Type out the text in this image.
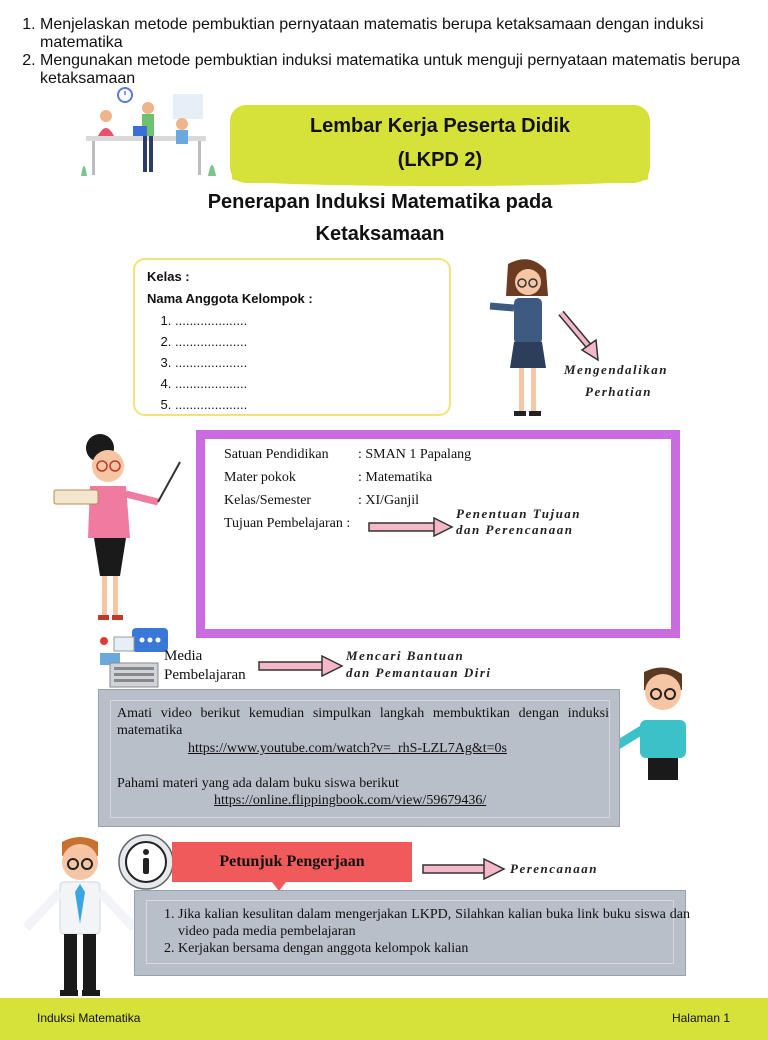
Lembar Kerja Peserta Didik
(LKPD 2)
Penerapan Induksi Matematika pada
Ketaksamaan
Kelas :
Nama Anggota Kelompok :
1. ....................
2. ....................
3. ....................
4. ....................
5. ....................
Mengendalikan
Perhatian
Satuan Pendidikan : SMAN 1 Papalang
Mater pokok	: Matematika
Kelas/Semester	: XI/Ganjil
Tujuan Pembelajaran :
1. Menjelaskan metode pembuktian pernyataan matematis berupa ketaksamaan dengan induksi matematika
2. Mengunakan metode pembuktian induksi matematika untuk menguji pernyataan matematis berupa ketaksamaan
Penentuan Tujuan
dan Perencanaan
Media
Pembelajaran
Mencari Bantuan
dan Pemantauan Diri
Amati video berikut kemudian simpulkan langkah membuktikan dengan induksi matematika
https://www.youtube.com/watch?v=_rhS-LZL7Ag&t=0s
Pahami materi yang ada dalam buku siswa berikut
https://online.flippingbook.com/view/59679436/
Petunjuk Pengerjaan	Perencanaan
1. Jika kalian kesulitan dalam mengerjakan LKPD, Silahkan kalian buka link buku siswa dan video pada media pembelajaran
2. Kerjakan bersama dengan anggota kelompok kalian
Induksi Matematika	Halaman 1
